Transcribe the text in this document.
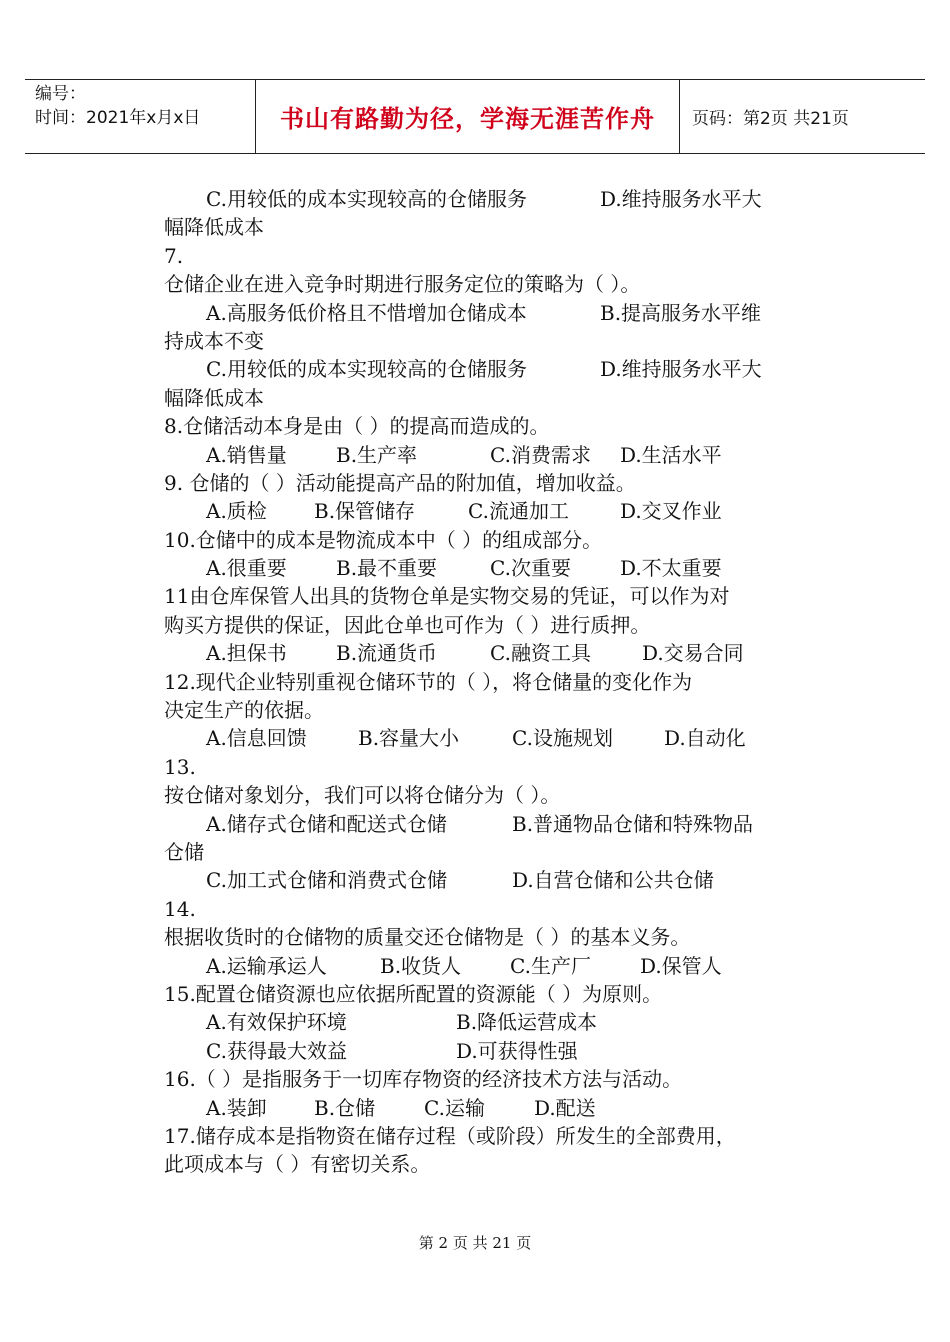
编号：
时间：2021年x月x日	书山有路勤为径，学海无涯苦作舟	页码：第2页 共21页
C.用较低的成本实现较高的仓储服务	D.维持服务水平大
幅降低成本
7.
仓储企业在进入竞争时期进行服务定位的策略为（ ）。
A.高服务低价格且不惜增加仓储成本	B.提高服务水平维
持成本不变
C.用较低的成本实现较高的仓储服务	D.维持服务水平大
幅降低成本
8.仓储活动本身是由（ ）的提高而造成的。
A.销售量 B.生产率	C.消费需求 D.生活水平
9. 仓储的（ ）活动能提高产品的附加值，增加收益。
A.质检 B.保管储存	C.流通加工	D.交叉作业
10.仓储中的成本是物流成本中（ ）的组成部分。
A.很重要 B.最不重要	C.次重要 D.不太重要
11由仓库保管人出具的货物仓单是实物交易的凭证，可以作为对
购买方提供的保证，因此仓单也可作为（ ）进行质押。
A.担保书 B.流通货币	C.融资工具	D.交易合同
12.现代企业特别重视仓储环节的（ ），将仓储量的变化作为
决定生产的依据。
A.信息回馈	B.容量大小	C.设施规划	D.自动化
13.
按仓储对象划分，我们可以将仓储分为（ ）。
A.储存式仓储和配送式仓储	B.普通物品仓储和特殊物品
仓储
C.加工式仓储和消费式仓储	D.自营仓储和公共仓储
14.
根据收货时的仓储物的质量交还仓储物是（ ）的基本义务。
A.运输承运人	B.收货人 C.生产厂 D.保管人
15.配置仓储资源也应依据所配置的资源能（ ）为原则。
A.有效保护环境	B.降低运营成本
C.获得最大效益	D.可获得性强
16.（ ）是指服务于一切库存物资的经济技术方法与活动。
A.装卸 B.仓储 C.运输 D.配送
17.储存成本是指物资在储存过程（或阶段）所发生的全部费用，
此项成本与（ ）有密切关系。
第 2 页 共 21 页
